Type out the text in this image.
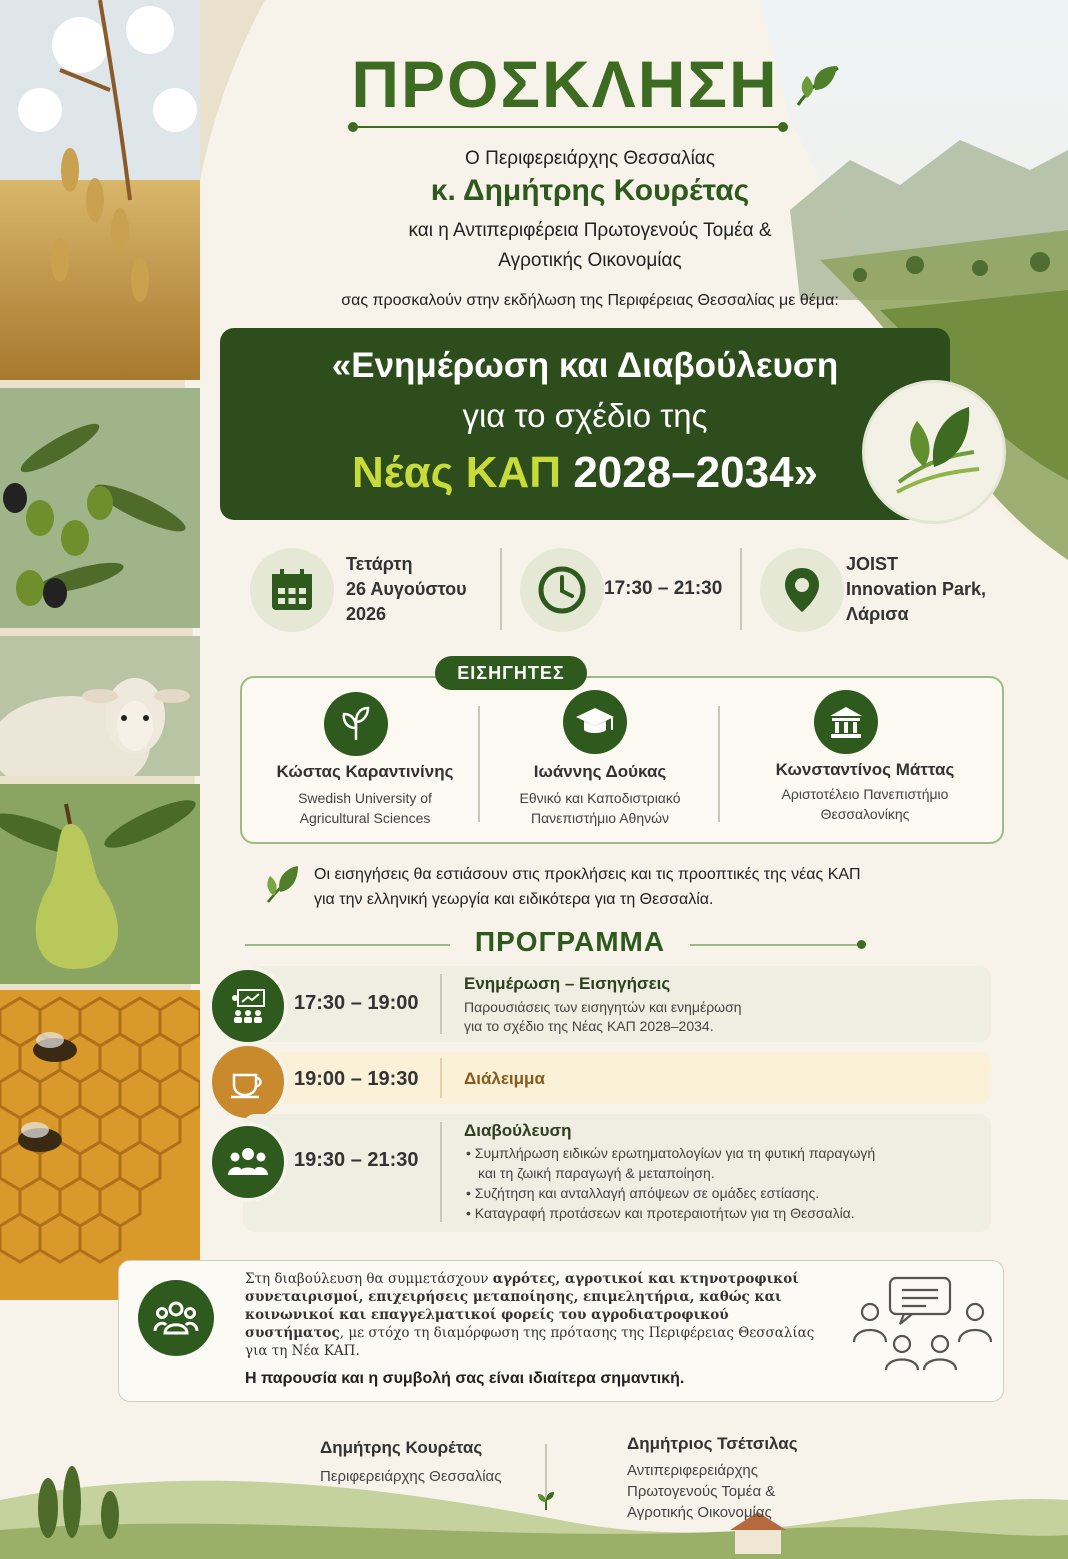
ΠΡΟΣΚΛΗΣΗ
Ο Περιφερειάρχης Θεσσαλίας
κ. Δημήτρης Κουρέτας
και η Αντιπεριφέρεια Πρωτογενούς Τομέα &
Αγροτικής Οικονομίας
σας προσκαλούν στην εκδήλωση της Περιφέρειας Θεσσαλίας με θέμα:
«Ενημέρωση και Διαβούλευση
για το σχέδιο της
Νέας ΚΑΠ 2028–2034»
Τετάρτη
26 Αυγούστου
2026
17:30 – 21:30
JOIST
Innovation Park,
Λάρισα
ΕΙΣΗΓΗΤΕΣ
Κώστας Καραντινίνης
Swedish University of
Agricultural Sciences
Ιωάννης Δούκας
Εθνικό και Καποδιστριακό
Πανεπιστήμιο Αθηνών
Κωνσταντίνος Μάττας
Αριστοτέλειο Πανεπιστήμιο
Θεσσαλονίκης
Οι εισηγήσεις θα εστιάσουν στις προκλήσεις και τις προοπτικές της νέας ΚΑΠ
για την ελληνική γεωργία και ειδικότερα για τη Θεσσαλία.
ΠΡΟΓΡΑΜΜΑ
17:30 – 19:00
Ενημέρωση – Εισηγήσεις
Παρουσιάσεις των εισηγητών και ενημέρωση
για το σχέδιο της Νέας ΚΑΠ 2028–2034.
19:00 – 19:30	Διάλειμμα
19:30 – 21:30
Διαβούλευση
• Συμπλήρωση ειδικών ερωτηματολογίων για τη φυτική παραγωγή
και τη ζωική παραγωγή & μεταποίηση.
• Συζήτηση και ανταλλαγή απόψεων σε ομάδες εστίασης.
• Καταγραφή προτάσεων και προτεραιοτήτων για τη Θεσσαλία.
Στη διαβούλευση θα συμμετάσχουν αγρότες, αγροτικοί και κτηνοτροφικοί συνεταιρισμοί, επιχειρήσεις μεταποίησης, επιμελητήρια, καθώς και κοινωνικοί και επαγγελματικοί φορείς του αγροδιατροφικού συστήματος, με στόχο τη διαμόρφωση της πρότασης της Περιφέρειας Θεσσαλίας για τη Νέα ΚΑΠ.
Η παρουσία και η συμβολή σας είναι ιδιαίτερα σημαντική.
Δημήτρης Κουρέτας
Περιφερειάρχης Θεσσαλίας
Δημήτριος Τσέτσιλας
Αντιπεριφερειάρχης
Πρωτογενούς Τομέα &
Αγροτικής Οικονομίας
